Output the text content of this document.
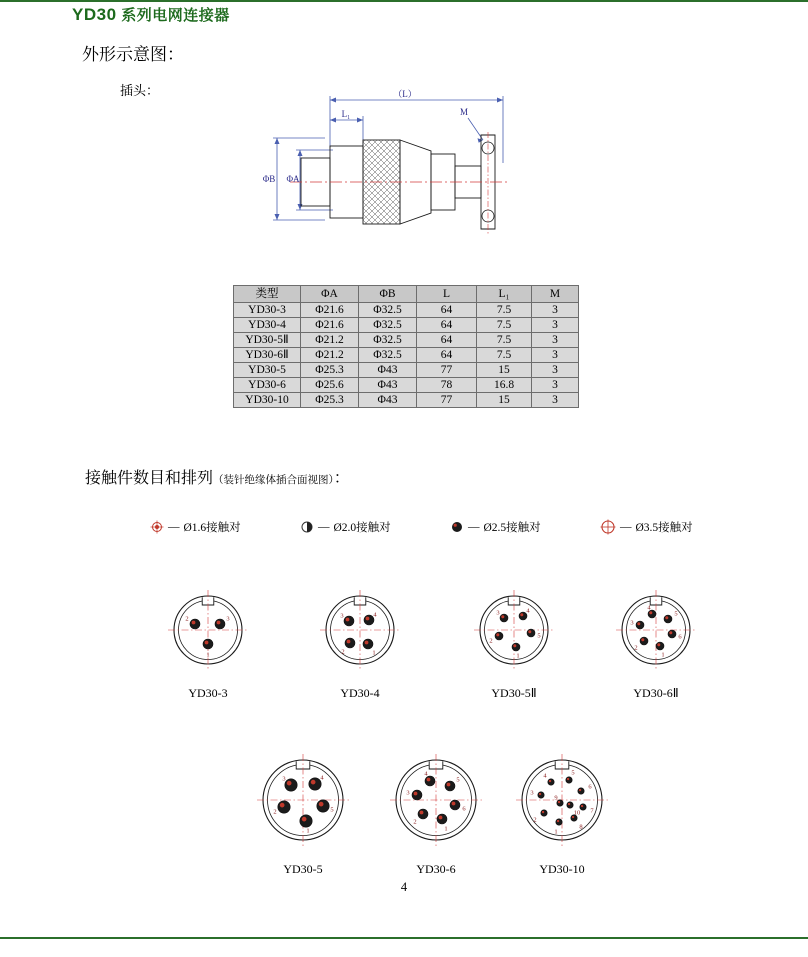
YD30 系列电网连接器
外形示意图：
插头：	（L）
L₁	M
ΦB ΦA
类型	ΦA	ΦB	L	L₁	M
YD30-3	Φ21.6	Φ32.5	64	7.5	3
YD30-4	Φ21.6	Φ32.5	64	7.5	3
YD30-5Ⅱ	Φ21.2	Φ32.5	64	7.5	3
YD30-6Ⅱ	Φ21.2	Φ32.5	64	7.5	3
YD30-5	Φ25.3	Φ43	77	15	3
YD30-6	Φ25.6	Φ43	78	16.8	3
YD30-10	Φ25.3	Φ43	77	15	3
接触件数目和排列（装针绝缘体插合面视图）：
— Ø1.6接触对	— Ø2.0接触对	— Ø2.5接触对	— Ø3.5接触对
1
2	3
YD30-3
1
2
3	4
YD30-4
1
2
3	4
5
YD30-5Ⅱ
1
2
3
4
5
6
YD30-6Ⅱ
1
2
3	4
5
YD30-5
1
2
3
4
5
6
YD30-6
1
2
3
4	5
6
7
8
9
10
YD30-10
4
